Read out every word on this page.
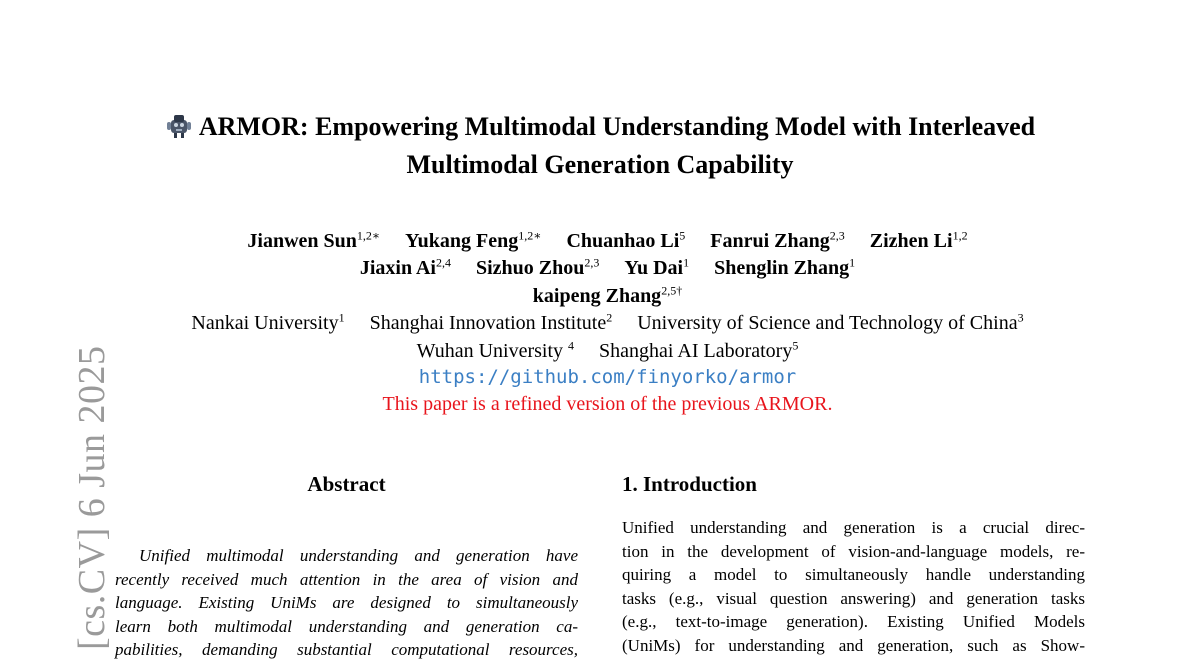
[cs.CV] 6 Jun 2025
ARMOR: Empowering Multimodal Understanding Model with Interleaved
Multimodal Generation Capability
Jianwen Sun$^{1,2∗}$ Yukang Feng$^{1,2∗}$ Chuanhao Li$^5$ Fanrui Zhang$^{2,3}$ Zizhen Li$^{1,2}$
Jiaxin Ai$^{2,4}$ Sizhuo Zhou$^{2,3}$ Yu Dai$^1$ Shenglin Zhang$^1$
kaipeng Zhang$^{2,5\dagger}$
Nankai University$^1$ Shanghai Innovation Institute$^2$ University of Science and Technology of China$^3$
Wuhan University $^4$ Shanghai AI Laboratory$^5$
https://github.com/finyorko/armor
This paper is a refined version of the previous ARMOR.
Abstract
Unified multimodal understanding and generation have
recently received much attention in the area of vision and
language. Existing UniMs are designed to simultaneously
learn both multimodal understanding and generation ca-
pabilities, demanding substantial computational resources,
1. Introduction
Unified understanding and generation is a crucial direc-
tion in the development of vision-and-language models, re-
quiring a model to simultaneously handle understanding
tasks (e.g., visual question answering) and generation tasks
(e.g., text-to-image generation). Existing Unified Models
(UniMs) for understanding and generation, such as Show-
